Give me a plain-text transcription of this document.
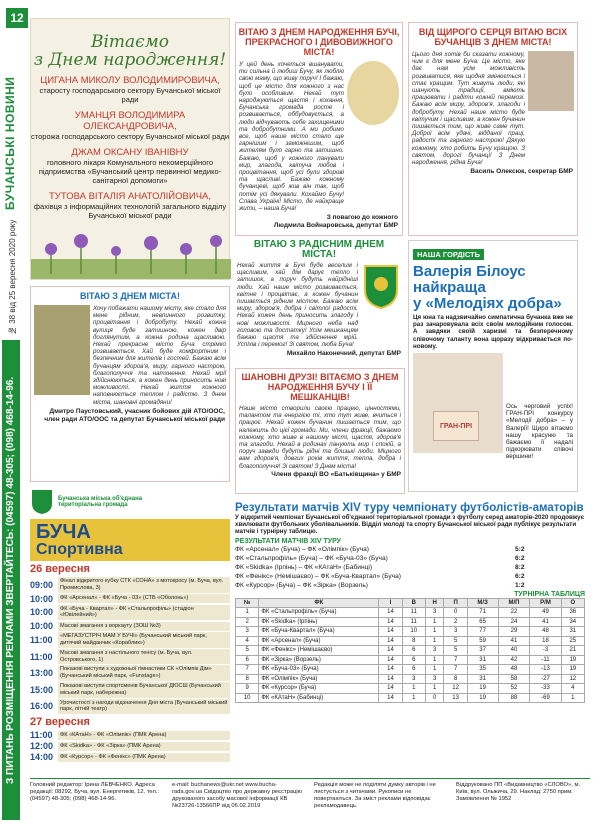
12
БУЧАНСЬКІ НОВИНИ
№ 38 від 25 вересня 2020 року
З ПИТАНЬ РОЗМІЩЕННЯ РЕКЛАМИ ЗВЕРТАЙТЕСЬ: (04597) 48-305; (098) 468-14-96.
Вітаємо
з Днем народження!
ЦИГАНА МИКОЛУ ВОЛОДИМИРОВИЧА,
старосту господарського сектору Бучанської міської ради
УМАНЦЯ ВОЛОДИМИРА ОЛЕКСАНДРОВИЧА,
сторожа господарського сектору Бучанської міської ради
ДЖАМ ОКСАНУ ІВАНІВНУ
головного лікаря Комунального некомерційного підприємства «Бучанський центр первинної медико-санітарної допомоги»
ТУТОВА ВІТАЛІЯ АНАТОЛІЙОВИЧА,
фахівця з інформаційних технологій загального відділу Бучанської міської ради
ВІТАЮ З ДНЕМ НАРОДЖЕННЯ БУЧІ, ПРЕКРАСНОГО І ДИВОВИЖНОГО МІСТА!
У цей день хочеться вшанувати, ти сильна й любиш Бучу, як люблю свою маму, що живу поруч! І бажаю, щоб це місто для кожного з нас було особливим. Нехай тут народжуються щастя і кохання, Бучанська громада росте і розвивається, оббудовується, а люди відчувають себе захищеними та добробутними. А ми робимо все, щоб наше місто стало ще гарнішим і заможнішим, щоб жителям було гарно та затишно. Бажаю, щоб у кожного панували мир, злагода, квітуча любов і процвітання, щоб усі були здорові та щасливі. Бажаю кожному бучанцеві, щоб жив він так, щоб потім усі дякували. Кохаймо Бучу! Слава Україні! Місто, де найкраще жити, – наша Буча!
З повагою до кожного
Людмила Войнаровська, депутат БМР
ВІД ЩИРОГО СЕРЦЯ ВІТАЮ ВСІХ БУЧАНЦІВ З ДНЕМ МІСТА!
Цього дня хотів би сказати кожному, чим є для мене Буча. Це місто, яке дає нам усім можливість розвиватися, яке щодня змінюється і стає кращим. Тут живуть люди, які шанують традиції, вміють працювати і радіти кожній перемозі. Бажаю всім миру, здоров'я, злагоди і добробуту. Нехай наше місто буде квітучим і щасливим, а кожен бучанин пишається тим, що живе саме тут. Доброї всім удачі, відданої праці, радості та гарного настрою! Дякую кожному, хто робить Бучу кращою. З святом, дорогі бучанці! З Днем народження, рідна Буча!
Василь Олексюк, секретар БМР
ВІТАЮ З ДНЕМ МІСТА!
Хочу побажати нашому місту, яке стало для мене рідним, невпинного розвитку, процвітання і добробуту. Нехай кожна вулиця буде затишною, кожен двір доглянутим, а кожна родина щасливою. Нехай прекрасне місто Буча стрімко розвивається. Хай буде комфортним і безпечним для жителів і гостей. Бажаю всім бучанцям здоров'я, миру, гарного настрою, благополуччя та натхнення. Нехай мрії здійснюються, а кожен день приносить нові можливості. Нехай життя кожного наповнюється теплом і радістю. З днем міста, шановні громадяни!
Дмитро Паустовський, учасник бойових дій АТО/ООС, член ради АТО/ООС та депутат Бучанської міської ради
ВІТАЮ З РАДІСНИМ ДНЕМ МІСТА!
Нехай життя в Бучі буде веселим і щасливим, хай дім дарує тепло і затишок, а поруч будуть найрідніші люди. Хай наше місто розвивається, квітне і процвітає, а кожен бучанин пишається рідним містом. Бажаю всім миру, здоров'я, добра і світлої радості. Нехай кожен день приносить злагоду і нові можливості. Мирного неба над головою та достатку! Усім мешканцям бажаю щастя та здійснення мрій. Успіхів і перемог! Зі святом, люба Буча!
Михайло Наконечний, депутат БМР
НАША ГОРДІСТЬ
Валерія Білоус
найкраща
у «Мелодіях добра»
Ця юна та надзвичайно симпатична бучанка вже не раз зачаровувала всіх своїм мелодійним голосом. А завдяки своїй харизмі та безперечному співочому таланту вона щоразу відкривається по-новому.
ГРАН-ПРІ
Ось черговий успіх! ГРАН-ПРІ конкурсу «Мелодії добра» – у Валерії! Щиро вітаємо нашу красуню та бажаємо її надалі підкорювати співочі вершини!
ШАНОВНІ ДРУЗІ! ВІТАЄМО З ДНЕМ НАРОДЖЕННЯ БУЧУ І ЇЇ МЕШКАНЦІВ!
Наше місто створили своєю працею, цінностями, талантом та енергією ті, хто тут живе, вчиться і працює. Нехай кожен бучанин пишається тим, що належить до цієї громади. Ми, члени фракції, бажаємо кожному, хто живе в нашому місті, щастя, здоров'я та злагоди. Нехай в родинах панують мир і спокій, а поруч завжди будуть рідні та близькі люди. Міцного вам здоров'я, довгих років життя, тепла, добра і благополуччя! Зі святом! З Днем міста!
Члени фракції ВО «Батьківщина» у БМР
Бучанська міська об'єднана територіальна громада
БУЧА
Спортивна
26 вересня
09:00	Фінал відкритого кубку СТК «СОНА» з мотокросу (м. Буча, вул. Промислова, 3)
10:00	ФК «Арсенал» - ФК «Буча - 03» (СТБ «Оболонь»)
10:00	ФК «Буча - Квартал» - ФК «Стальпрофіль» (стадіон «Ювілейний»)
10:00	Масові змагання з воркауту (ЗОШ №3)
11:00	«МЕГАЗУСТРІЧ МАМ У БУЧІ» (Бучанський міський парк, дитячий майданчик «Кораблик»)
11:00	Масові змагання з настільного тенісу (м. Буча, вул. Островського, 1)
13:00	Показові виступи з художньої гімнастики СК «Олімпік Дім» (Бучанський міський парк, «Funstage»)
15:00	Показові виступи спортсменів Бучанської ДЮСШ (Бучанський міський парк, набережна)
16:00	Урочистості з нагоди відзначення Дня міста (Бучанський міський парк, літній театр)
27 вересня
11:00	ФК «КАтаН» - ФК «Олімпік» (ПМК Арена)
12:00	ФК «Skidka» - ФК «Зірка» (ПМК Арена)
14:00	ФК «Курсор» - ФК «Фенікс» (ПМК Арена)
Результати матчів XIV туру чемпіонату футболістів-аматорів
У відкритий чемпіонат Бучанської об'єднаної територіальної громади з футболу серед аматорів-2020 продовжує хвилювати футбольних уболівальників. Відділ молоді та спорту Бучанської міської ради публікує результати матчів і турнірну таблицю.
РЕЗУЛЬТАТИ МАТЧІВ XIV ТУРУ
ФК «Арсенал» (Буча) – ФК «Олімпік» (Буча)	5:2
ФК «Стальпрофіль» (Буча) – ФК «Буча-03» (Буча)	6:2
ФК «Skidka» (Ірпінь) – ФК «КАтаН» (Бабинці)	8:2
ФК «Фенікс» (Немішаєво) – ФК «Буча-Квартал» (Буча)	6:2
ФК «Курсор» (Буча) – ФК «Зірка» (Ворзель)	1:2
ТУРНІРНА ТАБЛИЦЯ
№	ФК	І	В	Н	П	М/З	М/П	Р/М	О
1	ФК «Стальпрофіль» (Буча)	14	11	3	0	71	22	49	36
2	ФК «Skidka» (Ірпінь)	14	11	1	2	65	24	41	34
3	ФК «Буча-Квартал» (Буча)	14	10	1	3	77	29	48	31
4	ФК «Арсенал» (Буча)	14	8	1	5	59	41	18	25
5	ФК «Фенікс» (Немішаєво)	14	6	3	5	37	40	-3	21
6	ФК «Зірка» (Ворзель)	14	6	1	7	31	42	-11	19
7	ФК «Буча-03» (Буча)	14	6	1	7	35	48	-13	19
8	ФК «Олімпік» (Буча)	14	3	3	8	31	58	-27	12
9	ФК «Курсор» (Буча)	14	1	1	12	19	52	-33	4
10	ФК «КАтаН» (Бабинці)	14	1	0	13	19	88	-69	1
Головний редактор: Ірина ЛЕВЧЕНКО. Адреса редакції: 08292, Буча, вул. Енергетиків, 12. тел.: (04597) 48-305; (098) 468-14-96.
e-mail: buchanews@ukr.net www.bucha-rada.gov.ua Свідоцтво про державну реєстрацію друкованого засобу масової інформації КВ №23726-13566ПР від 06.02.2019
Редакція може не поділяти думку авторів і не листується з читачами. Рукописи не повертаються. За зміст реклами відповідає рекламодавець.
Віддруковано ПП «Видавництво «СЛОВО», м. Київ, вул. Ольжича, 29. Наклад: 2750 прим. Замовлення № 1952
